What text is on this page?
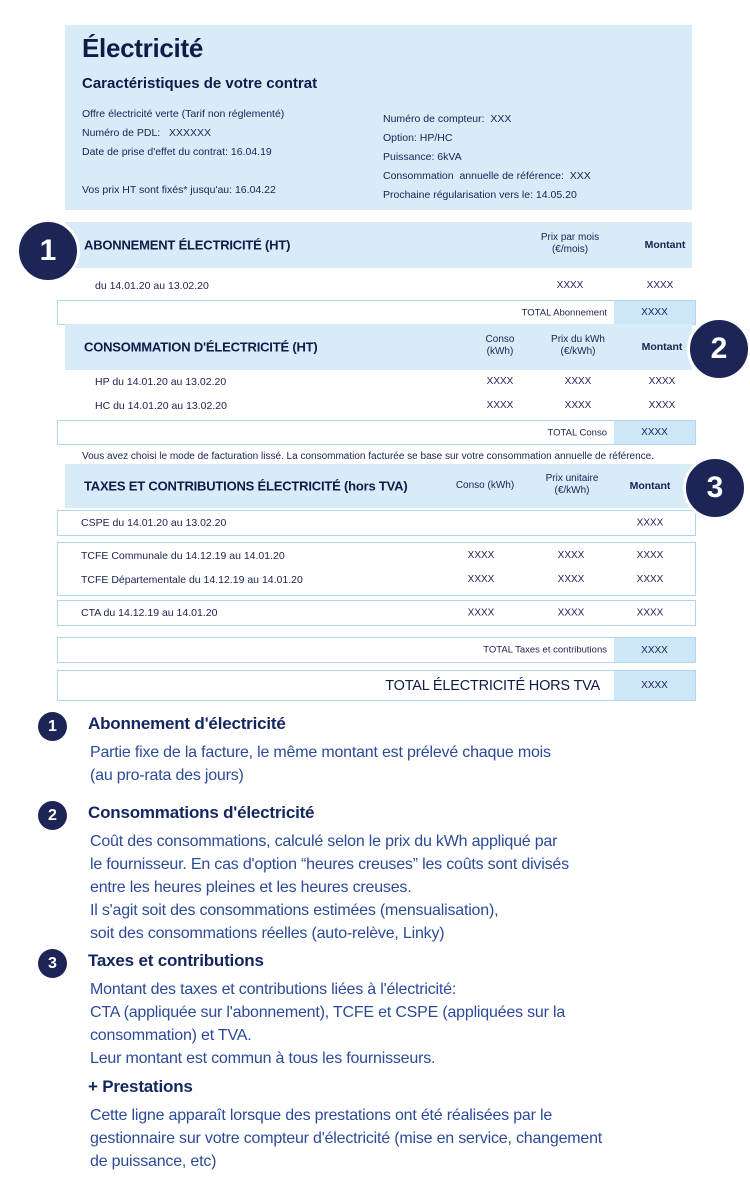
Électricité
Caractéristiques de votre contrat
Offre électricité verte (Tarif non réglementé)
Numéro de PDL:   XXXXXX
Date de prise d'effet du contrat: 16.04.19
Vos prix HT sont fixés* jusqu'au: 16.04.22
Numéro de compteur:  XXX
Option: HP/HC
Puissance: 6kVA
Consommation  annuelle de référence:  XXX
Prochaine régularisation vers le: 14.05.20
1	ABONNEMENT ÉLECTRICITÉ (HT)	Prix par mois
(€/mois)	Montant
du 14.01.20 au 13.02.20	XXXX	XXXX
TOTAL Abonnement	XXXX
2
CONSOMMATION D'ÉLECTRICITÉ (HT)	Conso
(kWh)
Prix du kWh
(€/kWh)	Montant
HP du 14.01.20 au 13.02.20	XXXX	XXXX	XXXX
HC du 14.01.20 au 13.02.20	XXXX	XXXX	XXXX
TOTAL Conso	XXXX
Vous avez choisi le mode de facturation lissé. La consommation facturée se base sur votre consommation annuelle de référence.
3
TAXES ET CONTRIBUTIONS ÉLECTRICITÉ (hors TVA)	Conso (kWh)
Prix unitaire
(€/kWh)	Montant
CSPE du 14.01.20 au 13.02.20	XXXX
TCFE Communale du 14.12.19 au 14.01.20	XXXX	XXXX	XXXX
TCFE Départementale du 14.12.19 au 14.01.20	XXXX	XXXX	XXXX
CTA du 14.12.19 au 14.01.20	XXXX	XXXX	XXXX
TOTAL Taxes et contributions	XXXX
TOTAL ÉLECTRICITÉ HORS TVA	XXXX
1	Abonnement d'électricité
Partie fixe de la facture, le même montant est prélevé chaque mois
(au pro-rata des jours)
2	Consommations d'électricité
Coût des consommations, calculé selon le prix du kWh appliqué par
le fournisseur. En cas d'option “heures creuses” les coûts sont divisés
entre les heures pleines et les heures creuses.
Il s'agit soit des consommations estimées (mensualisation),
soit des consommations réelles (auto-relève, Linky)
3	Taxes et contributions
Montant des taxes et contributions liées à l'électricité:
CTA (appliquée sur l'abonnement), TCFE et CSPE (appliquées sur la
consommation) et TVA.
Leur montant est commun à tous les fournisseurs.
+ Prestations
Cette ligne apparaît lorsque des prestations ont été réalisées par le
gestionnaire sur votre compteur d'électricité (mise en service, changement
de puissance, etc)
